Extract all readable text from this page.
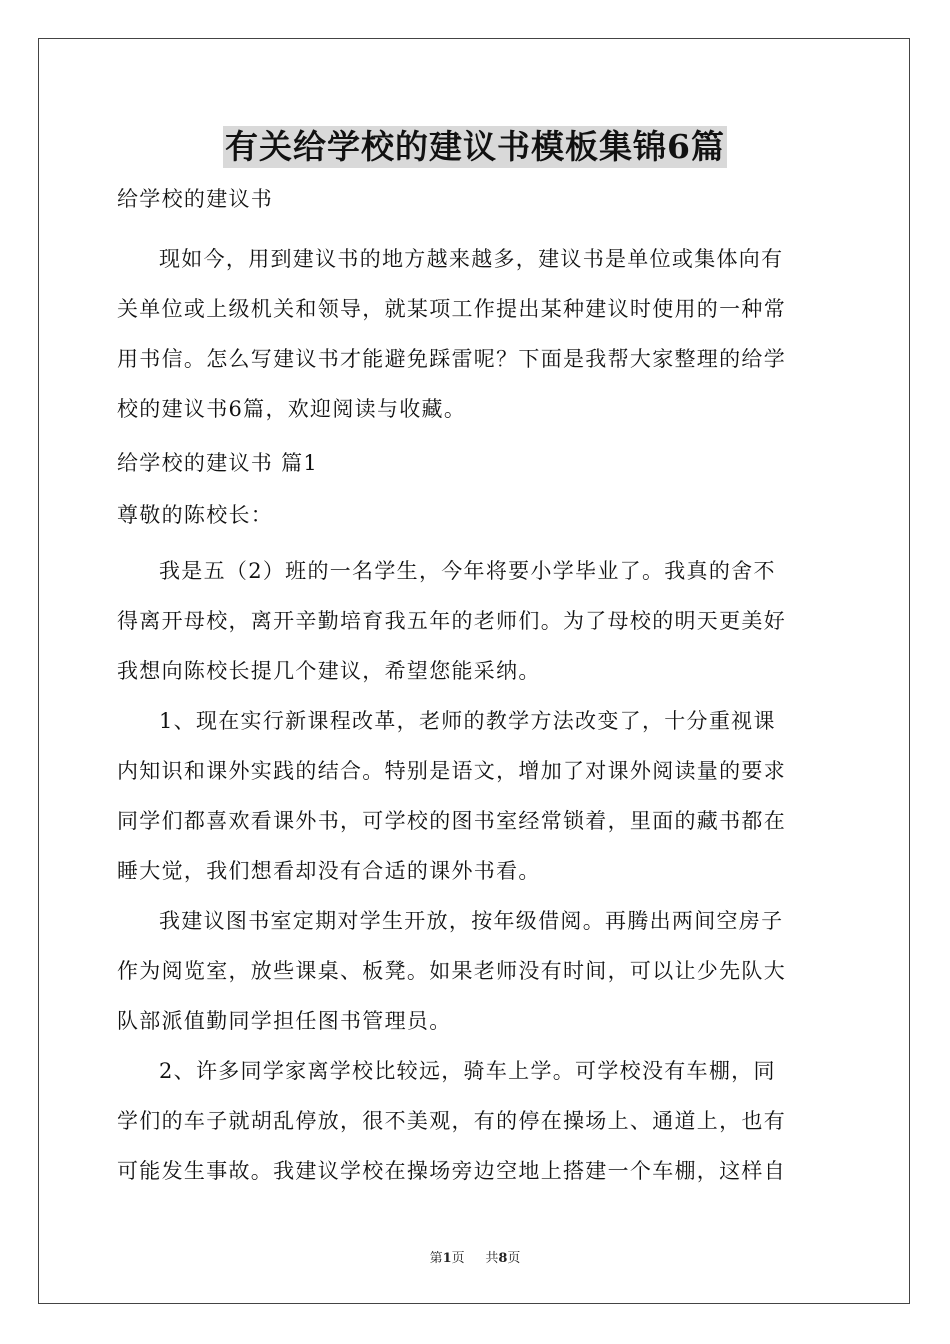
有关给学校的建议书模板集锦6篇
给学校的建议书
现如今，用到建议书的地方越来越多，建议书是单位或集体向有
关单位或上级机关和领导，就某项工作提出某种建议时使用的一种常
用书信。怎么写建议书才能避免踩雷呢？下面是我帮大家整理的给学
校的建议书6篇，欢迎阅读与收藏。
给学校的建议书 篇1
尊敬的陈校长：
我是五（2）班的一名学生，今年将要小学毕业了。我真的舍不
得离开母校，离开辛勤培育我五年的老师们。为了母校的明天更美好
我想向陈校长提几个建议，希望您能采纳。
1、现在实行新课程改革，老师的教学方法改变了，十分重视课
内知识和课外实践的结合。特别是语文，增加了对课外阅读量的要求
同学们都喜欢看课外书，可学校的图书室经常锁着，里面的藏书都在
睡大觉，我们想看却没有合适的课外书看。
我建议图书室定期对学生开放，按年级借阅。再腾出两间空房子
作为阅览室，放些课桌、板凳。如果老师没有时间，可以让少先队大
队部派值勤同学担任图书管理员。
2、许多同学家离学校比较远，骑车上学。可学校没有车棚，同
学们的车子就胡乱停放，很不美观，有的停在操场上、通道上，也有
可能发生事故。我建议学校在操场旁边空地上搭建一个车棚，这样自
第1页 共8页
